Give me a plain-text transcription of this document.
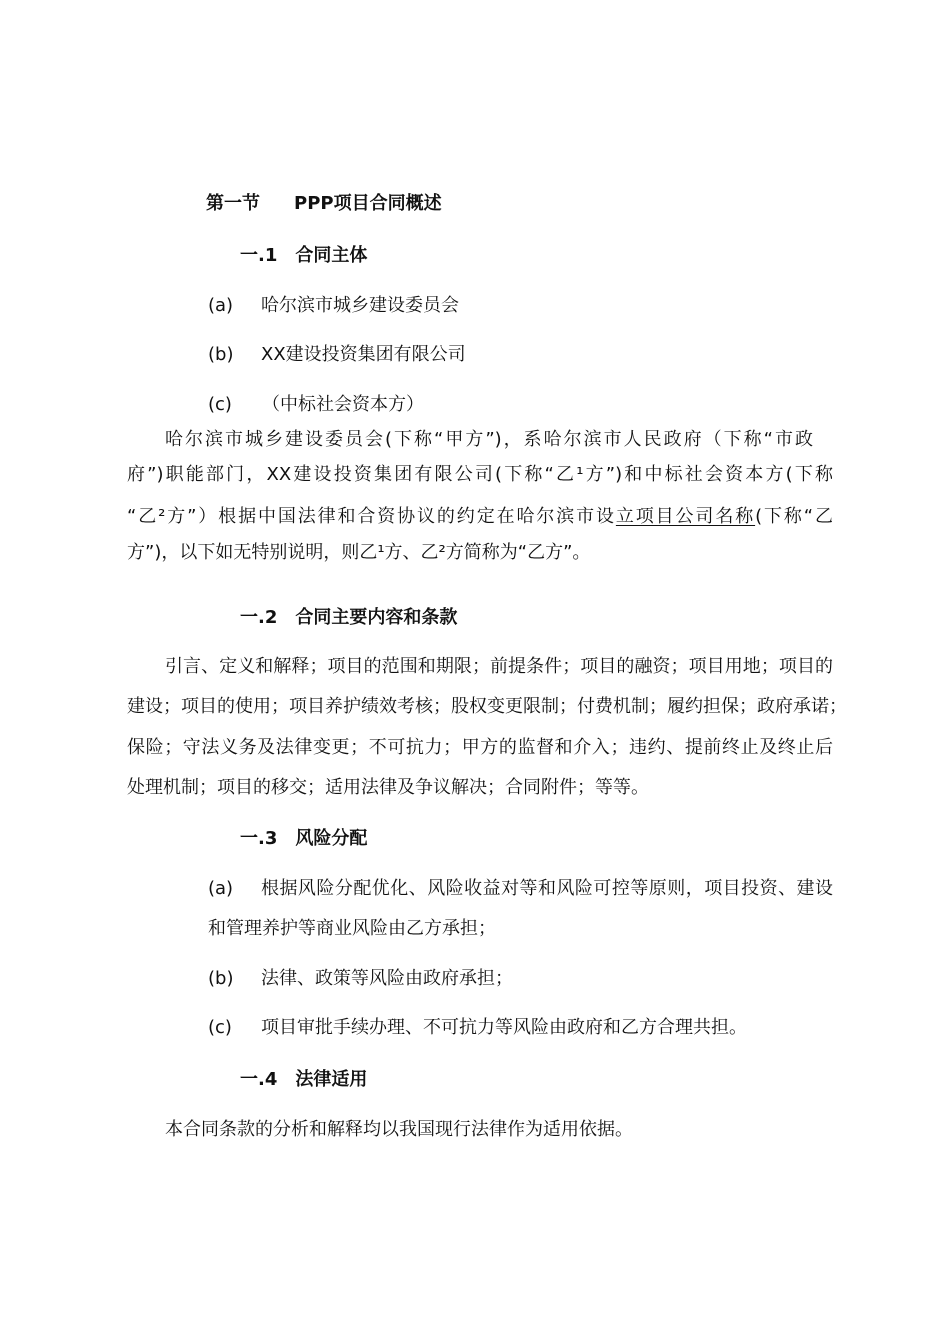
第一节 PPP项目合同概述
一.1 合同主体
(a) 哈尔滨市城乡建设委员会
(b) XX建设投资集团有限公司
(c) （中标社会资本方）
哈尔滨市城乡建设委员会(下称“甲方”)，系哈尔滨市人民政府（下称“市政
府”)职能部门，XX建设投资集团有限公司(下称“乙¹方”)和中标社会资本方(下称
“乙²方”）根据中国法律和合资协议的约定在哈尔滨市设立项目公司名称(下称“乙
方”)，以下如无特别说明，则乙¹方、乙²方简称为“乙方”。
一.2 合同主要内容和条款
引言、定义和解释；项目的范围和期限；前提条件；项目的融资；项目用地；项目的
建设；项目的使用；项目养护绩效考核；股权变更限制；付费机制；履约担保；政府承诺；
保险；守法义务及法律变更；不可抗力；甲方的监督和介入；违约、提前终止及终止后
处理机制；项目的移交；适用法律及争议解决；合同附件；等等。
一.3 风险分配
(a) 根据风险分配优化、风险收益对等和风险可控等原则，项目投资、建设
和管理养护等商业风险由乙方承担；
(b) 法律、政策等风险由政府承担；
(c) 项目审批手续办理、不可抗力等风险由政府和乙方合理共担。
一.4 法律适用
本合同条款的分析和解释均以我国现行法律作为适用依据。
